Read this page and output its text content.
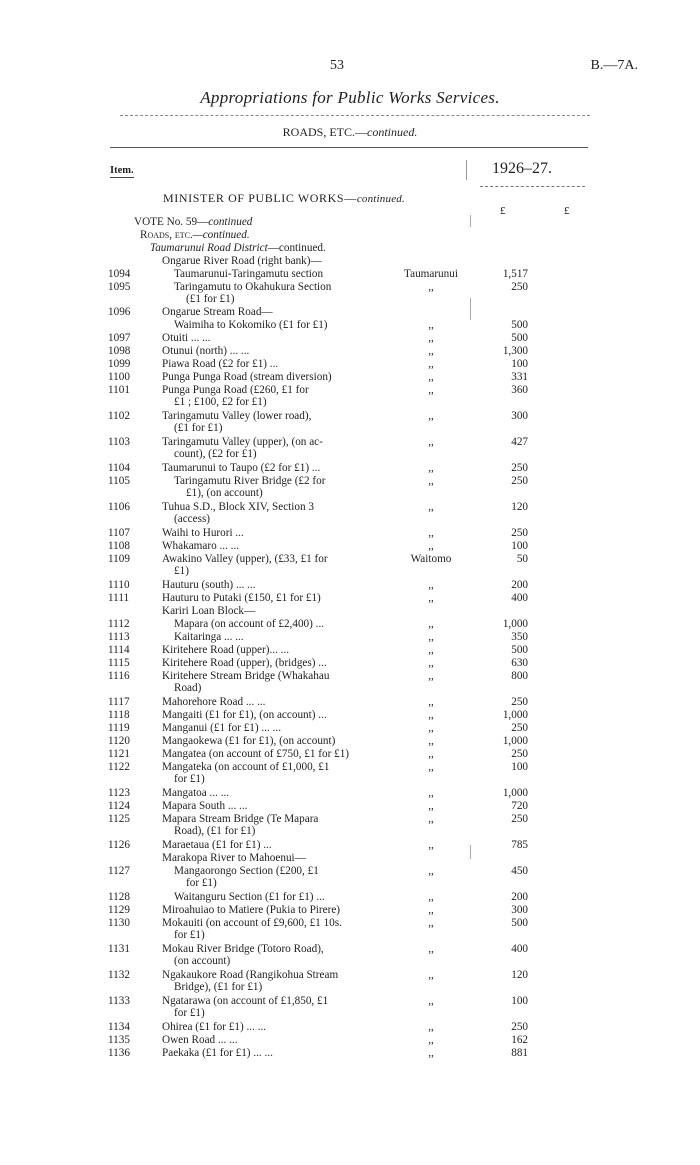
53	B.—7A.
Appropriations for Public Works Services.
ROADS, ETC.—continued.
Item.	1926–27.
MINISTER OF PUBLIC WORKS—continued.
£	£
VOTE No. 59—continued
Roads, etc.—continued.
Taumarunui Road District—continued.
Ongarue River Road (right bank)—
1094	Taumarunui-Taringamutu section	Taumarunui	1,517
1095	Taringamutu to Okahukura Section	,,	250
(£1 for £1)
1096	Ongarue Stream Road—
Waimiha to Kokomiko (£1 for £1)	,,	500
1097	Otuiti ... ...	,,	500
1098	Otunui (north) ... ...	,,	1,300
1099	Piawa Road (£2 for £1) ...	,,	100
1100	Punga Punga Road (stream diversion)	,,	331
1101	Punga Punga Road (£260, £1 for	,,	360
£1 ; £100, £2 for £1)
1102	Taringamutu Valley (lower road),	,,	300
(£1 for £1)
1103	Taringamutu Valley (upper), (on ac-	,,	427
count), (£2 for £1)
1104	Taumarunui to Taupo (£2 for £1) ...	,,	250
1105	Taringamutu River Bridge (£2 for	,,	250
£1), (on account)
1106	Tuhua S.D., Block XIV, Section 3	,,	120
(access)
1107	Waihi to Hurori ...	,,	250
1108	Whakamaro ... ...	,,	100
1109	Awakino Valley (upper), (£33, £1 for	Waitomo	50
£1)
1110	Hauturu (south) ... ...	,,	200
1111	Hauturu to Putaki (£150, £1 for £1)	,,	400
Kariri Loan Block—
1112	Mapara (on account of £2,400) ...	,,	1,000
1113	Kaitaringa ... ...	,,	350
1114	Kiritehere Road (upper)... ...	,,	500
1115	Kiritehere Road (upper), (bridges) ...	,,	630
1116	Kiritehere Stream Bridge (Whakahau	,,	800
Road)
1117	Mahorehore Road ... ...	,,	250
1118	Mangaiti (£1 for £1), (on account) ...	,,	1,000
1119	Manganui (£1 for £1) ... ...	,,	250
1120	Mangaokewa (£1 for £1), (on account)	,,	1,000
1121	Mangatea (on account of £750, £1 for £1)	,,	250
1122	Mangateka (on account of £1,000, £1	,,	100
for £1)
1123	Mangatoa ... ...	,,	1,000
1124	Mapara South ... ...	,,	720
1125	Mapara Stream Bridge (Te Mapara	,,	250
Road), (£1 for £1)
1126	Maraetaua (£1 for £1) ...	,,	785
Marakopa River to Mahoenui—
1127	Mangaorongo Section (£200, £1	,,	450
for £1)
1128	Waitanguru Section (£1 for £1) ...	,,	200
1129	Miroahuiao to Matiere (Pukia to Pirere)	,,	300
1130	Mokauiti (on account of £9,600, £1 10s.	,,	500
for £1)
1131	Mokau River Bridge (Totoro Road),	,,	400
(on account)
1132	Ngakaukore Road (Rangikohua Stream	,,	120
Bridge), (£1 for £1)
1133	Ngatarawa (on account of £1,850, £1	,,	100
for £1)
1134	Ohirea (£1 for £1) ... ...	,,	250
1135	Owen Road ... ...	,,	162
1136	Paekaka (£1 for £1) ... ...	,,	881
